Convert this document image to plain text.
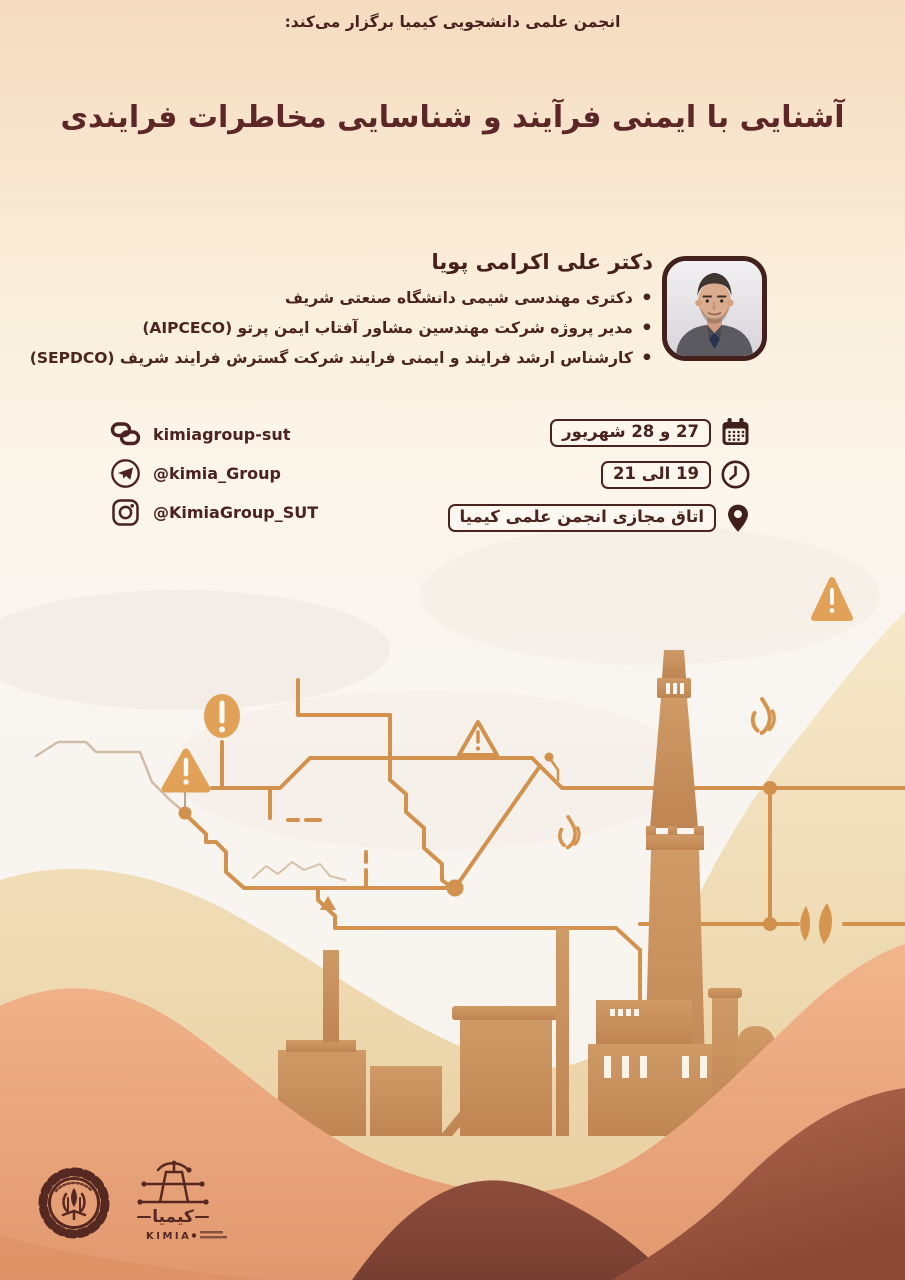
کیمیا
KIMIA
انجمن علمی دانشجویی کیمیا برگزار می‌کند:
آشنایی با ایمنی فرآیند و شناسایی مخاطرات فرایندی
دکتر علی اکرامی پویا
•دکتری مهندسی شیمی دانشگاه صنعتی شریف
•مدیر پروژه شرکت مهندسین مشاور آفتاب ایمن پرتو (AIPCECO)
•کارشناس ارشد فرایند و ایمنی فرایند شرکت گسترش فرایند شریف (SEPDCO)
kimiagroup-sut
@kimia_Group
@KimiaGroup_SUT
27 و 28 شهریور
19 الی 21
اتاق مجازی انجمن علمی کیمیا
